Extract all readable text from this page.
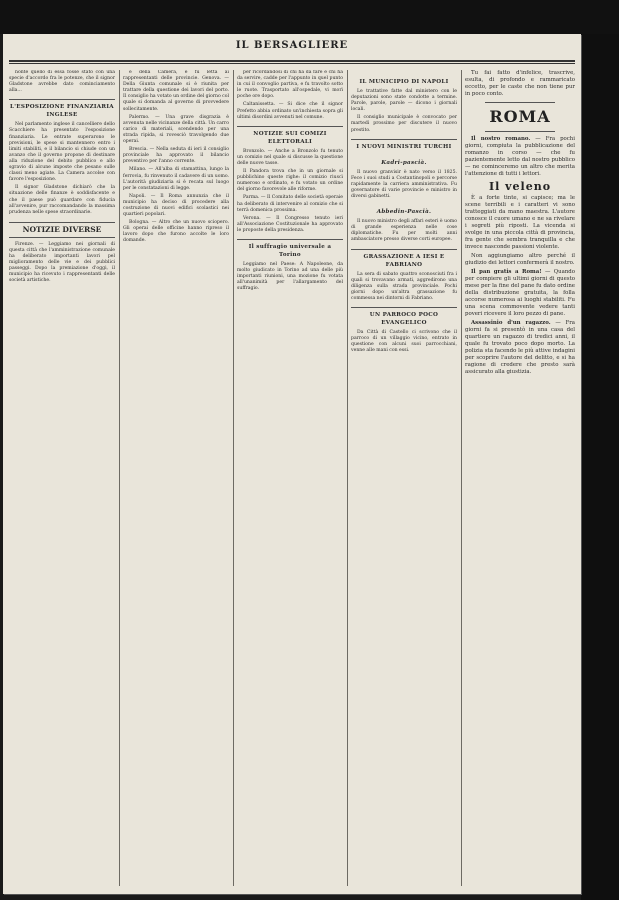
IL BERSAGLIERE

nonte quello di essa fosse stato con una specie d'accordo fra le potenze, che il signor Gladstone avrebbe dato cominciamento alla...

L'ESPOSIZIONE FINANZIARIA INGLESE

Nel parlamento inglese il cancelliere dello Scacchiere ha presentato l'esposizione finanziaria. Le entrate superarono le previsioni, le spese si mantennero entro i limiti stabiliti, e il bilancio si chiude con un avanzo che il governo propone di destinare alla riduzione del debito pubblico e allo sgravio di alcune imposte che pesano sulle classi meno agiate. La Camera accolse con favore l'esposizione.

Il signor Gladstone dichiarò che la situazione delle finanze è soddisfacente e che il paese può guardare con fiducia all'avvenire, pur raccomandando la massima prudenza nelle spese straordinarie.

NOTIZIE DIVERSE

Firenze. — Leggiamo nei giornali di questa città che l'amministrazione comunale ha deliberato importanti lavori pel miglioramento delle vie e dei pubblici passeggi. Dopo la premiazione d'oggi, il municipio ha ricevuto i rappresentanti delle società artistiche.

e della Camera, e fu letta ai rappresentanti delle provincie. Genova. — Della Giunta comunale si è riunita per trattare della questione dei lavori del porto. Il consiglio ha votato un ordine del giorno col quale si domanda al governo di provvedere sollecitamente.

Palermo. — Una grave disgrazia è avvenuta nelle vicinanze della città. Un carro carico di materiali, scendendo per una strada ripida, si rovesciò travolgendo due operai.

Brescia. — Nella seduta di ieri il consiglio provinciale ha approvato il bilancio preventivo per l'anno corrente.

Milano. — All'alba di stamattina, lungo la ferrovia, fu rinvenuto il cadavere di un uomo. L'autorità giudiziaria si è recata sul luogo per le constatazioni di legge.

Napoli. — Il Roma annunzia che il municipio ha deciso di procedere alla costruzione di nuovi edifici scolastici nei quartieri popolari.

Bologna. — Altro che un nuovo sciopero. Gli operai delle officine hanno ripreso il lavoro dopo che furono accolte le loro domande.

per ricordandosi di chi ha da fare e chi ha da servire, cadde per l'appunto in quel punto in cui il convoglio partiva, e fu travolto sotto le ruote. Trasportato all'ospedale, vi morì poche ore dopo.

Caltanissetta. — Si dice che il signor Prefetto abbia ordinato un'inchiesta sopra gli ultimi disordini avvenuti nel comune.

NOTIZIE SUI COMIZI ELETTORALI

Bronzolo. — Anche a Bronzolo fu tenuto un comizio nel quale si discusse la questione delle nuove tasse.

Il Pandora trova che in un giornale si pubblichino queste righe: il comizio riuscì numeroso e ordinato, e fu votato un ordine del giorno favorevole alle riforme.

Parma. — Il Comitato delle società operaie ha deliberato di intervenire al comizio che si terrà domenica prossima.

Verona. — Il Congresso tenuto ieri all'Associazione Costituzionale ha approvato le proposte della presidenza.

Il suffragio universale a Torino

Leggiamo nel Paese: A Napoleone, da molto giudicato in Torino ad una delle più importanti riunioni, una mozione fu votata all'unanimità per l'allargamento del suffragio.

IL MUNICIPIO DI NAPOLI

Le trattative fatte dal ministero con le deputazioni sono state condotte a termine. Parole, parole, parole — dicono i giornali locali.

Il consiglio municipale è convocato per martedì prossimo per discutere il nuovo prestito.

I NUOVI MINISTRI TURCHI
Kadri-pascià.

Il nuovo granvisir è nato verso il 1825. Fece i suoi studi a Costantinopoli e percorse rapidamente la carriera amministrativa. Fu governatore di varie provincie e ministro in diversi gabinetti.

Abbedin-Pascià.

Il nuovo ministro degli affari esteri è uomo di grande esperienza nelle cose diplomatiche. Fu per molti anni ambasciatore presso diverse corti europee.

GRASSAZIONE A IESI E FABRIANO

La sera di sabato quattro sconosciuti fra i quali si trovavano armati, aggredirono una diligenza sulla strada provinciale. Pochi giorni dopo un'altra grassazione fu commessa nei dintorni di Fabriano.

UN PARROCO POCO EVANGELICO

Da Città di Castello ci scrivono che il parroco di un villaggio vicino, entrato in questione con alcuni suoi parrocchiani, venne alle mani con essi.

Tu fai fatto d'infelice, trascrive, esulta, di profondo e rammaricato eccetto, per le caste che non tiene pur in poco conto.

ROMA

Il nostro romano. — Fra pochi giorni, compiuta la pubblicazione del romanzo in corso — che fu pazientemente letto dal nostro pubblico — ne cominceremo un altro che merita l'attenzione di tutti i lettori.

Il veleno

È a forte tinte, si capisce; ma le scene terribili e i caratteri vi sono tratteggiati da mano maestra. L'autore conosce il cuore umano e ne sa rivelare i segreti più riposti. La vicenda si svolge in una piccola città di provincia, fra gente che sembra tranquilla e che invece nasconde passioni violente.

Non aggiungiamo altro perché il giudizio dei lettori confermerà il nostro.

Il pan gratis a Roma! — Quando per compiere gli ultimi giorni di questo mese per la fine del pane fu dato ordine della distribuzione gratuita, la folla accorse numerosa ai luoghi stabiliti. Fu una scena commovente vedere tanti poveri ricevere il loro pezzo di pane.

Assassinio d'un ragazzo. — Fra giorni fa si presentò in una casa del quartiere un ragazzo di tredici anni, il quale fu trovato poco dopo morto. La polizia sta facendo le più attive indagini per scoprire l'autore del delitto, e si ha ragione di credere che presto sarà assicurato alla giustizia.
